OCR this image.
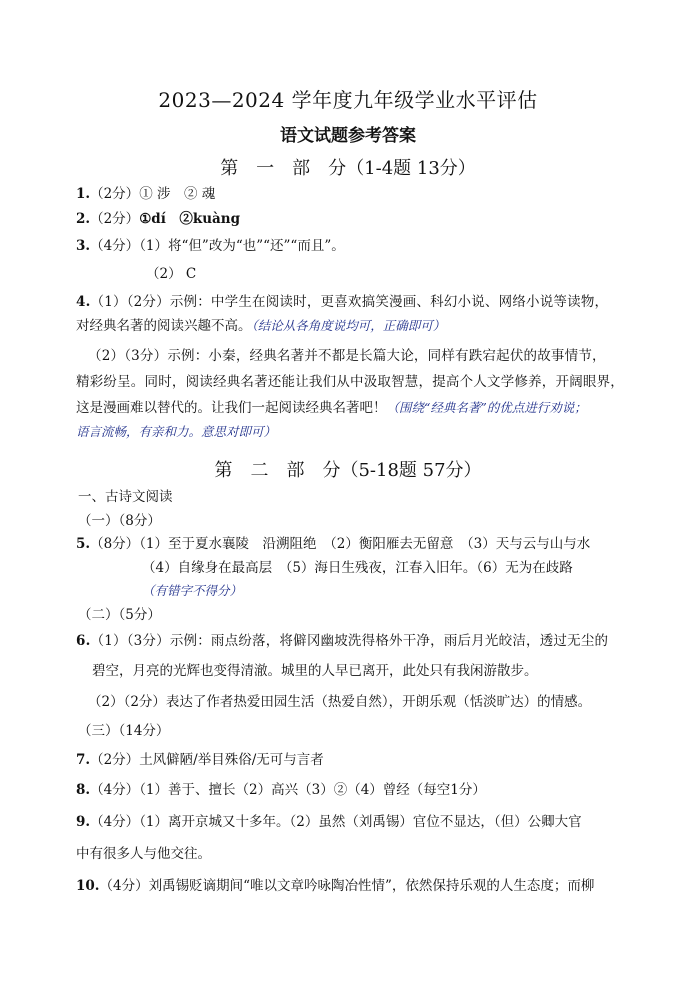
2023—2024 学年度九年级学业水平评估
语文试题参考答案
第　一　部　分（1-4题 13分）
1.（2分）① 涉　② 魂
2.（2分）①dí　②kuàng
3.（4分）（1）将“但”改为“也”“还”“而且”。
（2） C
4.（1）（2分）示例：中学生在阅读时，更喜欢搞笑漫画、科幻小说、网络小说等读物，
对经典名著的阅读兴趣不高。（结论从各角度说均可，正确即可）
（2）（3分）示例：小秦，经典名著并不都是长篇大论，同样有跌宕起伏的故事情节，
精彩纷呈。同时，阅读经典名著还能让我们从中汲取智慧，提高个人文学修养，开阔眼界，
这是漫画难以替代的。让我们一起阅读经典名著吧！（围绕“经典名著”的优点进行劝说；
语言流畅，有亲和力。意思对即可）
第　二　部　分（5-18题 57分）
一、古诗文阅读
（一）（8分）
5.（8分）（1）至于夏水襄陵　沿溯阻绝　（2）衡阳雁去无留意　（3）天与云与山与水
（4）自缘身在最高层　（5）海日生残夜，江春入旧年。（6）无为在歧路
（有错字不得分）
（二）（5分）
6.（1）（3分）示例：雨点纷落，将僻冈幽坡洗得格外干净，雨后月光皎洁，透过无尘的
碧空，月亮的光辉也变得清澈。城里的人早已离开，此处只有我闲游散步。
（2）（2分）表达了作者热爱田园生活（热爱自然），开朗乐观（恬淡旷达）的情感。
（三）（14分）
7.（2分）土风僻陋/举目殊俗/无可与言者
8.（4分）（1）善于、擅长（2）高兴（3）②（4）曾经（每空1分）
9.（4分）（1）离开京城又十多年。（2）虽然（刘禹锡）官位不显达，（但）公卿大官
中有很多人与他交往。
10.（4分）刘禹锡贬谪期间“唯以文章吟咏陶冶性情”，依然保持乐观的人生态度；而柳
